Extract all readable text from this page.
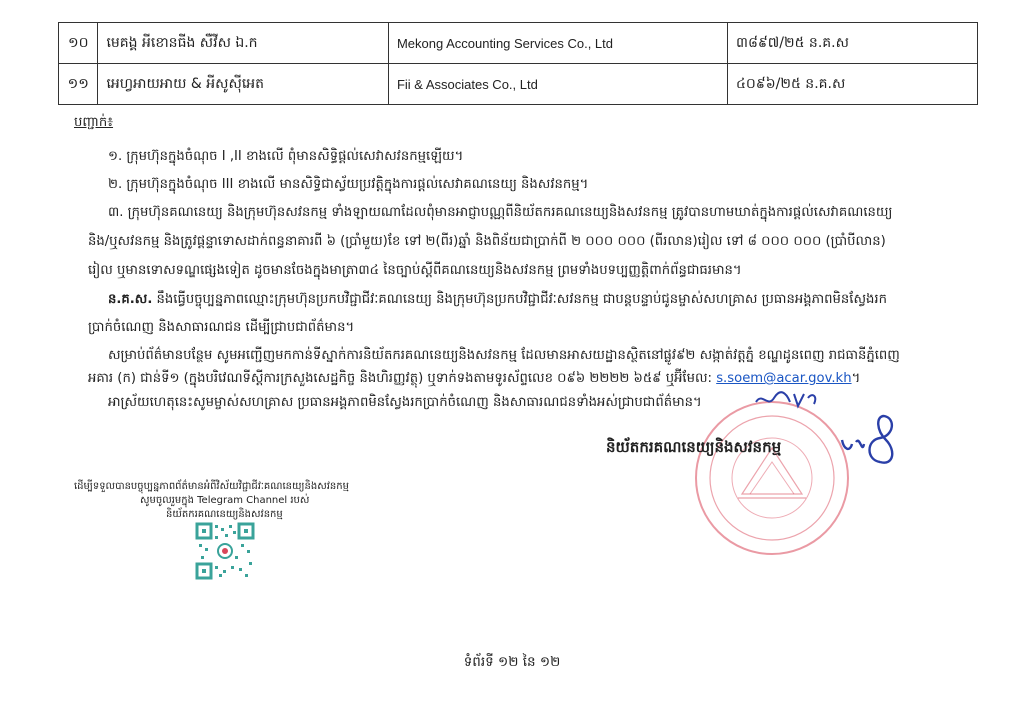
១០	មេគង្គ អីខោនធីង សឺវីស ឯ.ក	Mekong Accounting Services Co., Ltd	៣៨៩៧/២៥ ន.គ.ស
១១	អេហ្វអាយអាយ & អីសូស៊ីអេត	Fii & Associates Co., Ltd	៤០៩៦/២៥ ន.គ.ស
បញ្ជាក់៖
១. ក្រុមហ៊ុនក្នុងចំណុច I ,II ខាងលើ ពុំមានសិទ្ធិផ្តល់សេវាសវនកម្មឡើយ។
២. ក្រុមហ៊ុនក្នុងចំណុច III ខាងលើ មានសិទ្ធិជាស្វ័យប្រវត្តិក្នុងការផ្តល់សេវាគណនេយ្យ និងសវនកម្ម។
៣. ក្រុមហ៊ុនគណនេយ្យ និងក្រុមហ៊ុនសវនកម្ម ទាំងឡាយណាដែលពុំមានអាជ្ញាបណ្ណពីនិយ័តករគណនេយ្យនិងសវនកម្ម ត្រូវបានហាមឃាត់ក្នុងការផ្តល់សេវាគណនេយ្យ
និង/ឬសវនកម្ម និងត្រូវផ្តន្ទាទោសដាក់ពន្ធនាគារពី ៦ (ប្រាំមួយ)ខែ ទៅ ២(ពីរ)ឆ្នាំ និងពិន័យជាប្រាក់ពី ២ ០០០ ០០០ (ពីរលាន)រៀល ទៅ ៨ ០០០ ០០០ (ប្រាំបីលាន)
រៀល ឬមានទោសទណ្ឌផ្សេងទៀត ដូចមានចែងក្នុងមាត្រា៣៤ នៃច្បាប់ស្តីពីគណនេយ្យនិងសវនកម្ម ព្រមទាំងបទប្បញ្ញត្តិពាក់ព័ន្ធជាធរមាន។
ន.គ.ស. នឹងធ្វើបច្ចុប្បន្នភាពឈ្មោះក្រុមហ៊ុនប្រកបវិជ្ជាជីវៈគណនេយ្យ និងក្រុមហ៊ុនប្រកបវិជ្ជាជីវៈសវនកម្ម ជាបន្តបន្ទាប់ជូនម្ចាស់សហគ្រាស ប្រធានអង្គភាពមិនស្វែងរក
ប្រាក់ចំណេញ និងសាធារណជន ដើម្បីជ្រាបជាព័ត៌មាន។
សម្រាប់ព័ត៌មានបន្ថែម សូមអញ្ជើញមកកាន់ទីស្នាក់ការនិយ័តករគណនេយ្យនិងសវនកម្ម ដែលមានអាសយដ្ឋានស្ថិតនៅផ្លូវ៩២ សង្កាត់វត្តភ្នំ ខណ្ឌដូនពេញ រាជធានីភ្នំពេញ
អគារ (ក) ជាន់ទី១ (ក្នុងបរិវេណទីស្តីការក្រសួងសេដ្ឋកិច្ច និងហិរញ្ញវត្ថុ) ឬទាក់ទងតាមទូរស័ព្ទលេខ ០៩៦ ២២២២ ៦៥៩ ឬអ៊ីមែល: s.soem@acar.gov.kh។
អាស្រ័យហេតុនេះសូមម្ចាស់សហគ្រាស ប្រធានអង្គភាពមិនស្វែងរកប្រាក់ចំណេញ និងសាធារណជនទាំងអស់ជ្រាបជាព័ត៌មាន។
និយ័តករគណនេយ្យនិងសវនកម្ម
ដើម្បីទទួលបានបច្ចុប្បន្នភាពព័ត៌មានអំពីវិស័យវិជ្ជាជីវៈគណនេយ្យនិងសវនកម្ម
សូមចូលរួមក្នុង Telegram Channel របស់
និយ័តករគណនេយ្យនិងសវនកម្ម
ទំព័រទី ១២ នៃ ១២
